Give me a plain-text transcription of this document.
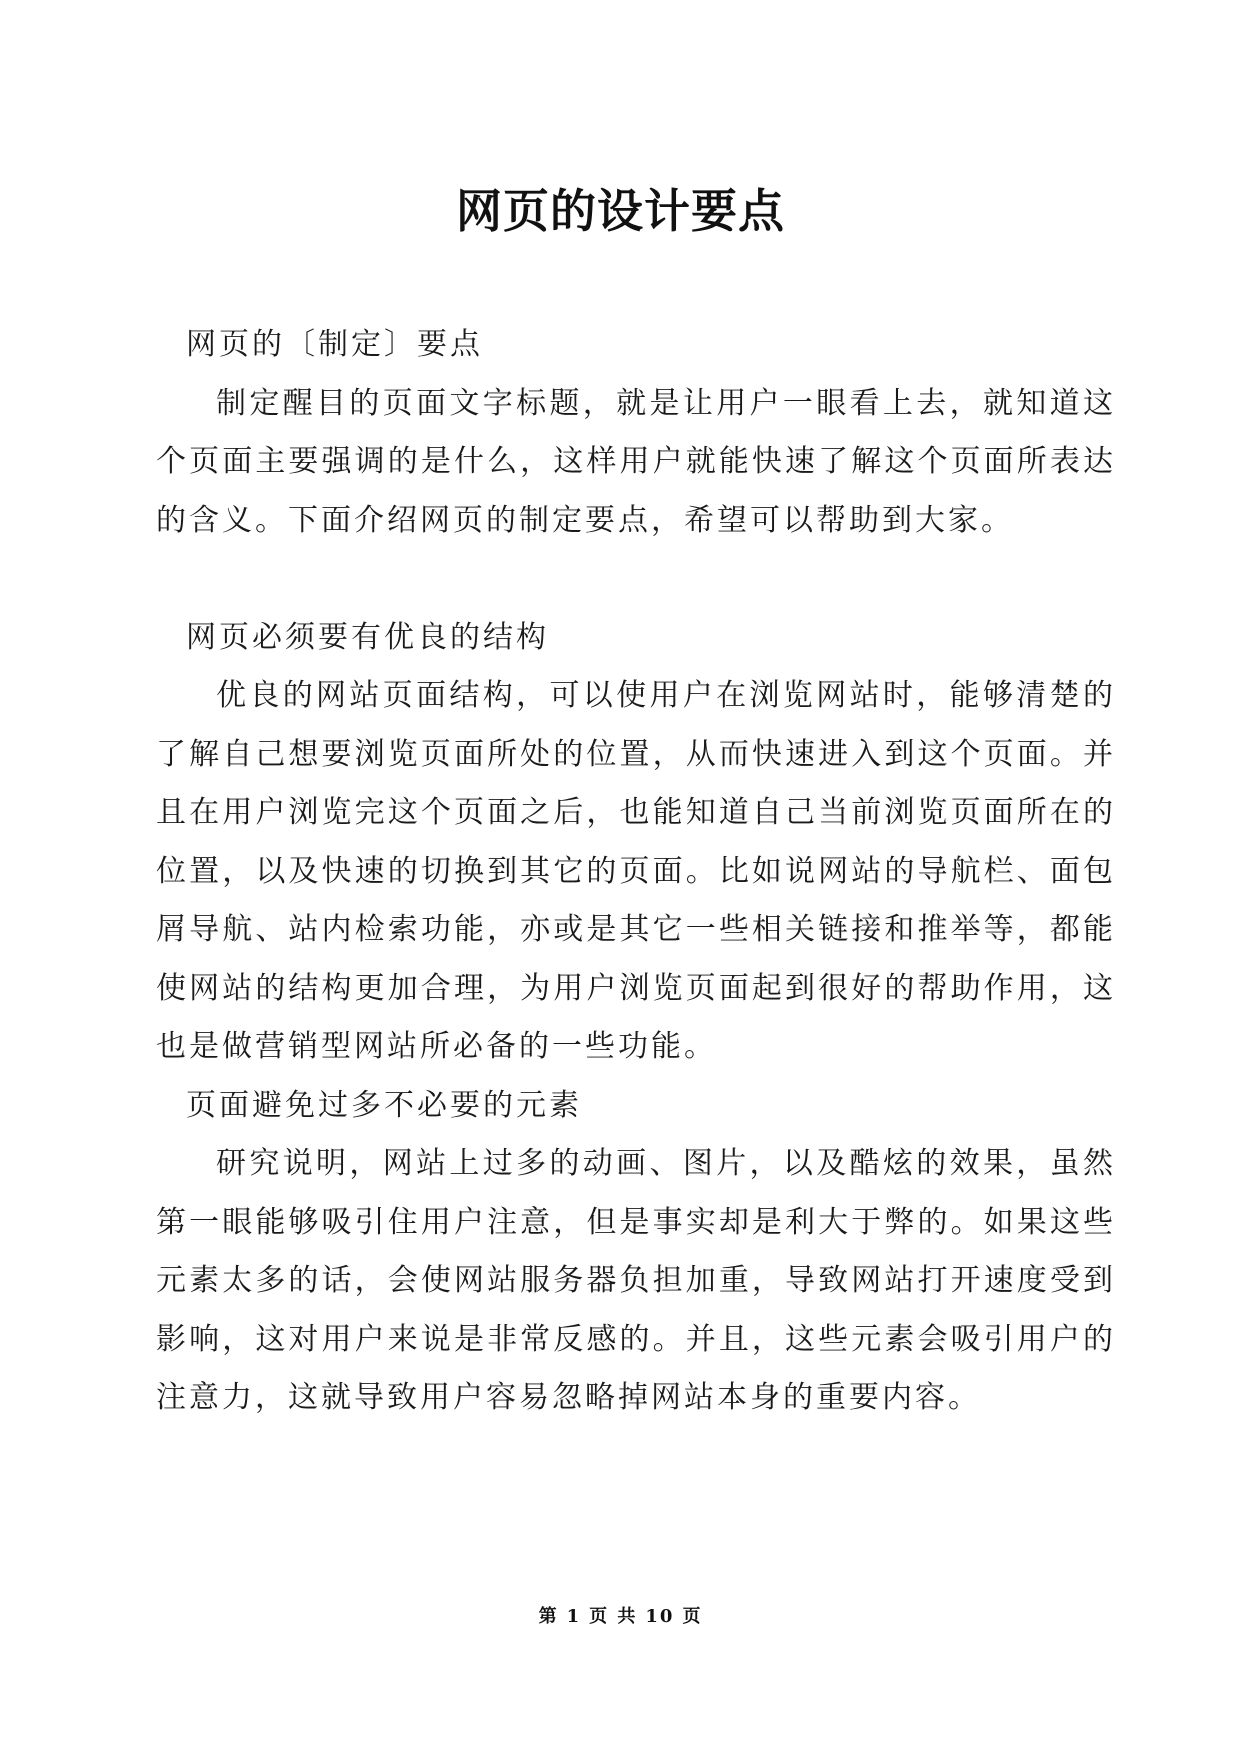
网页的设计要点

网页的〔制定〕要点

制定醒目的页面文字标题，就是让用户一眼看上去，就知道这个页面主要强调的是什么，这样用户就能快速了解这个页面所表达的含义。下面介绍网页的制定要点，希望可以帮助到大家。

网页必须要有优良的结构

优良的网站页面结构，可以使用户在浏览网站时，能够清楚的了解自己想要浏览页面所处的位置，从而快速进入到这个页面。并且在用户浏览完这个页面之后，也能知道自己当前浏览页面所在的位置，以及快速的切换到其它的页面。比如说网站的导航栏、面包屑导航、站内检索功能，亦或是其它一些相关链接和推举等，都能使网站的结构更加合理，为用户浏览页面起到很好的帮助作用，这也是做营销型网站所必备的一些功能。

页面避免过多不必要的元素

研究说明，网站上过多的动画、图片，以及酷炫的效果，虽然第一眼能够吸引住用户注意，但是事实却是利大于弊的。如果这些元素太多的话，会使网站服务器负担加重，导致网站打开速度受到影响，这对用户来说是非常反感的。并且，这些元素会吸引用户的注意力，这就导致用户容易忽略掉网站本身的重要内容。

第 1 页 共 10 页
